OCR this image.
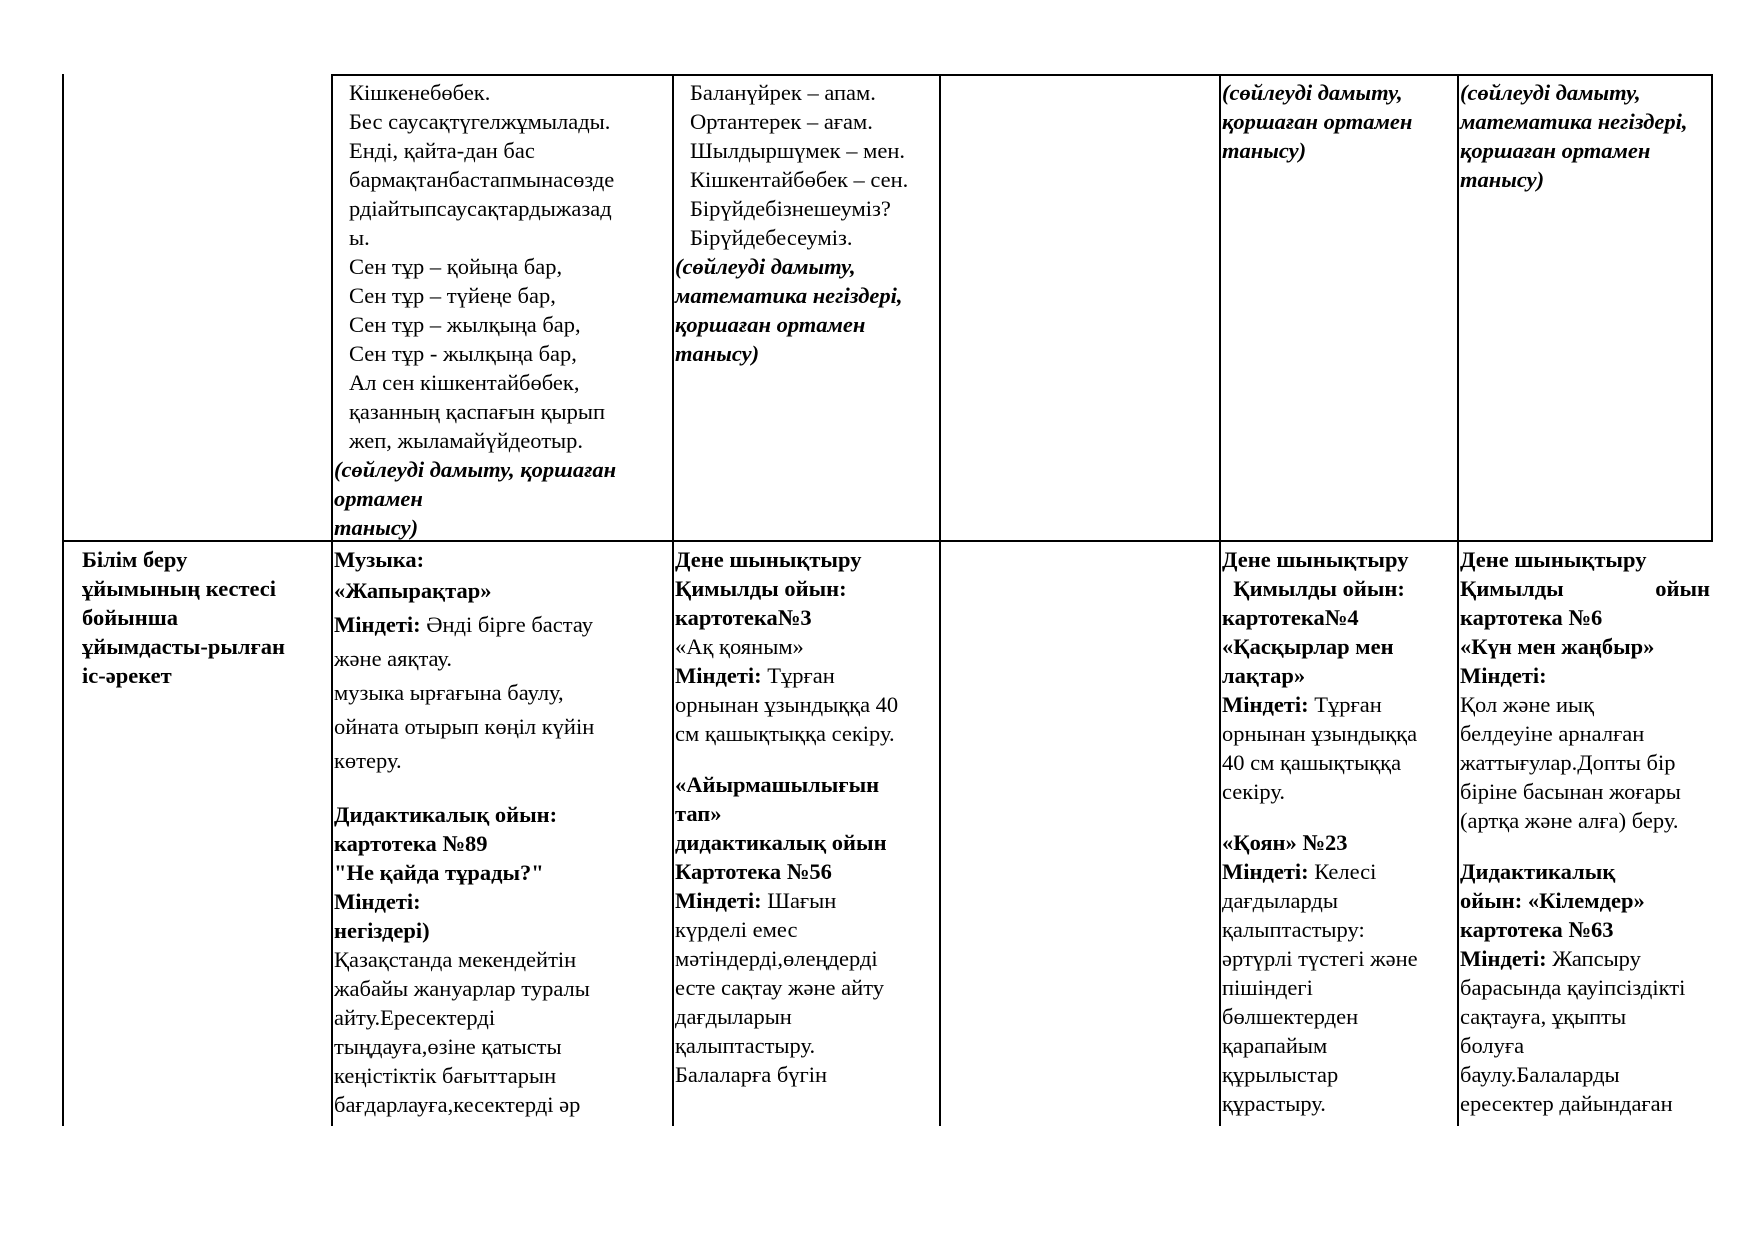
Кішкенебөбек.
Бес саусақтүгелжұмылады.
Енді, қайта-дан бас
бармақтанбастапмынасөзде
рдіайтыпсаусақтардыжазад
ы.
Сен тұр – қойыңа бар,
Сен тұр – түйеңе бар,
Сен тұр – жылқыңа бар,
Сен тұр - жылқыңа бар,
Ал сен кішкентайбөбек,
қазанның қаспағын қырып
жеп, жыламайүйдеотыр.
(сөйлеуді дамыту, қоршаған
ортамен
танысу)
Баланүйрек – апам.
Ортантерек – ағам.
Шылдыршүмек – мен.
Кішкентайбөбек – сен.
Бірүйдебізнешеуміз?
Бірүйдебесеуміз.
(сөйлеуді дамыту,
математика негіздері,
қоршаған ортамен
танысу)
(сөйлеуді дамыту,
қоршаған ортамен
танысу)
(сөйлеуді дамыту,
математика негіздері,
қоршаған ортамен
танысу)
Білім беру
ұйымының кестесі
бойынша
ұйымдасты-рылған
іс-әрекет
Музыка:
«Жапырақтар»
Міндеті: Әнді бірге бастау
және аяқтау.
музыка ырғағына баулу,
ойната отырып көңіл күйін
көтеру.
Дидактикалық ойын:
картотека №89
"Не қайда тұрады?"
Міндеті:
негіздері)
Қазақстанда мекендейтін
жабайы жануарлар туралы
айту.Ересектерді
тыңдауға,өзіне қатысты
кеңістіктік бағыттарын
бағдарлауға,кесектерді әр
Дене шынықтыру
Қимылды ойын:
картотека№3
«Ақ қояным»
Міндеті: Тұрған
орнынан ұзындыққа 40
см қашықтыққа секіру.
«Айырмашылығын
тап»
дидактикалық ойын
Картотека №56
Міндеті: Шағын
күрделі емес
мәтіндерді,өлеңдерді
есте сақтау және айту
дағдыларын
қалыптастыру.
Балаларға бүгін
Дене шынықтыру
Қимылды ойын:
картотека№4
«Қасқырлар мен
лақтар»
Міндеті: Тұрған
орнынан ұзындыққа
40 см қашықтыққа
секіру.
«Қоян» №23
Міндеті: Келесі
дағдыларды
қалыптастыру:
әртүрлі түстегі және
пішіндегі
бөлшектерден
қарапайым
құрылыстар
құрастыру.
Дене шынықтыру
Қимылды	ойын
картотека №6
«Күн мен жаңбыр»
Міндеті:
Қол және иық
белдеуіне арналған
жаттығулар.Допты бір
біріне басынан жоғары
(артқа және алға) беру.
Дидактикалық
ойын: «Кілемдер»
картотека №63
Міндеті: Жапсыру
барасында қауіпсіздікті
сақтауға, ұқыпты
болуға
баулу.Балаларды
ересектер дайындаған
